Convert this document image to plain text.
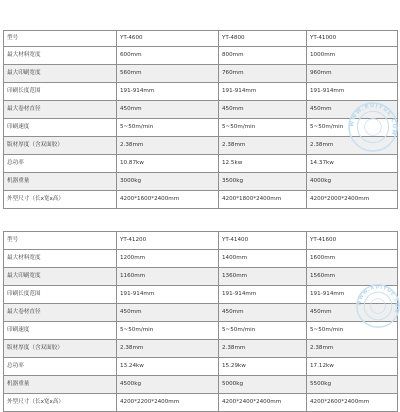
型号	YT-4600	YT-4800	YT-41000
最大材料宽度	600mm	800mm	1000mm
最大印刷宽度	560mm	760mm	960mm
印刷长度范围	191-914mm	191-914mm	191-914mm
最大卷材直径	450mm	450mm	450mm
印刷速度	5~50m/min	5~50m/min	5~50m/min
版材厚度（含双面胶）	2.38mm	2.38mm	2.38mm
总功率	10.87kw	12.5kw	14.37kw
机器重量	3000kg	3500kg	4000kg
外型尺寸（长x宽x高）	4200*1600*2400mm	4200*1800*2400mm	4200*2000*2400mm
型号	YT-41200	YT-41400	YT-41600
最大材料宽度	1200mm	1400mm	1600mm
最大印刷宽度	1160mm	1360mm	1560mm
印刷长度范围	191-914mm	191-914mm	191-914mm
最大卷材直径	450mm	450mm	450mm
印刷速度	5~50m/min	5~50m/min	5~50m/min
版材厚度（含双面胶）	2.38mm	2.38mm	2.38mm
总功率	13.24kw	15.29kw	17.12kw
机器重量	4500kg	5000kg	5500kg
外型尺寸（长x宽x高）	4200*2200*2400mm	4200*2400*2400mm	4200*2600*2400mm
WWW.RUIYUE.COM
WWW.RUIYUE.COM
